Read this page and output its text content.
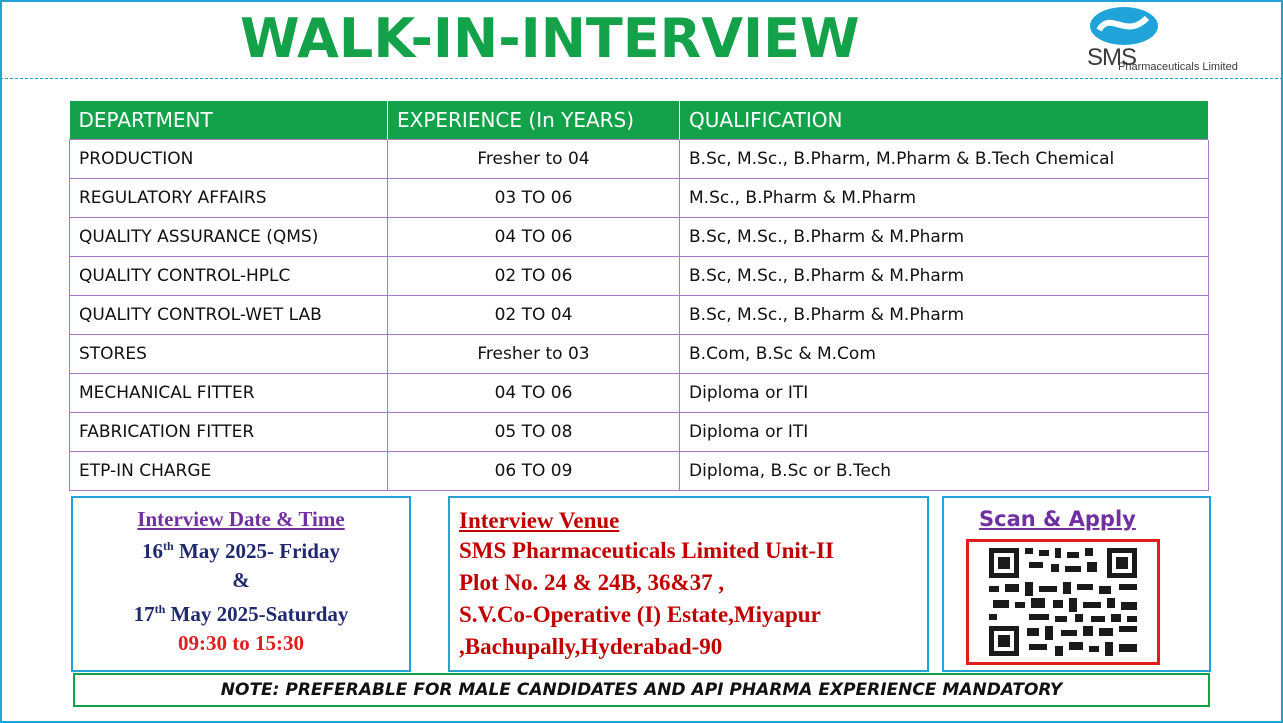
WALK-IN-INTERVIEW	SMS
Pharmaceuticals Limited
DEPARTMENT	EXPERIENCE (In YEARS)	QUALIFICATION
PRODUCTION	Fresher to 04	B.Sc, M.Sc., B.Pharm, M.Pharm & B.Tech Chemical
REGULATORY AFFAIRS	03 TO 06	M.Sc., B.Pharm & M.Pharm
QUALITY ASSURANCE (QMS)	04 TO 06	B.Sc, M.Sc., B.Pharm & M.Pharm
QUALITY CONTROL-HPLC	02 TO 06	B.Sc, M.Sc., B.Pharm & M.Pharm
QUALITY CONTROL-WET LAB	02 TO 04	B.Sc, M.Sc., B.Pharm & M.Pharm
STORES	Fresher to 03	B.Com, B.Sc & M.Com
MECHANICAL FITTER	04 TO 06	Diploma or ITI
FABRICATION FITTER	05 TO 08	Diploma or ITI
ETP-IN CHARGE	06 TO 09	Diploma, B.Sc or B.Tech
Interview Date & Time
16th May 2025- Friday
&
17th May 2025-Saturday
09:30 to 15:30
Interview Venue
SMS Pharmaceuticals Limited Unit-II
Plot No. 24 & 24B, 36&37 ,
S.V.Co-Operative (I) Estate,Miyapur
,Bachupally,Hyderabad-90
Scan & Apply
NOTE: PREFERABLE FOR MALE CANDIDATES AND API PHARMA EXPERIENCE MANDATORY
